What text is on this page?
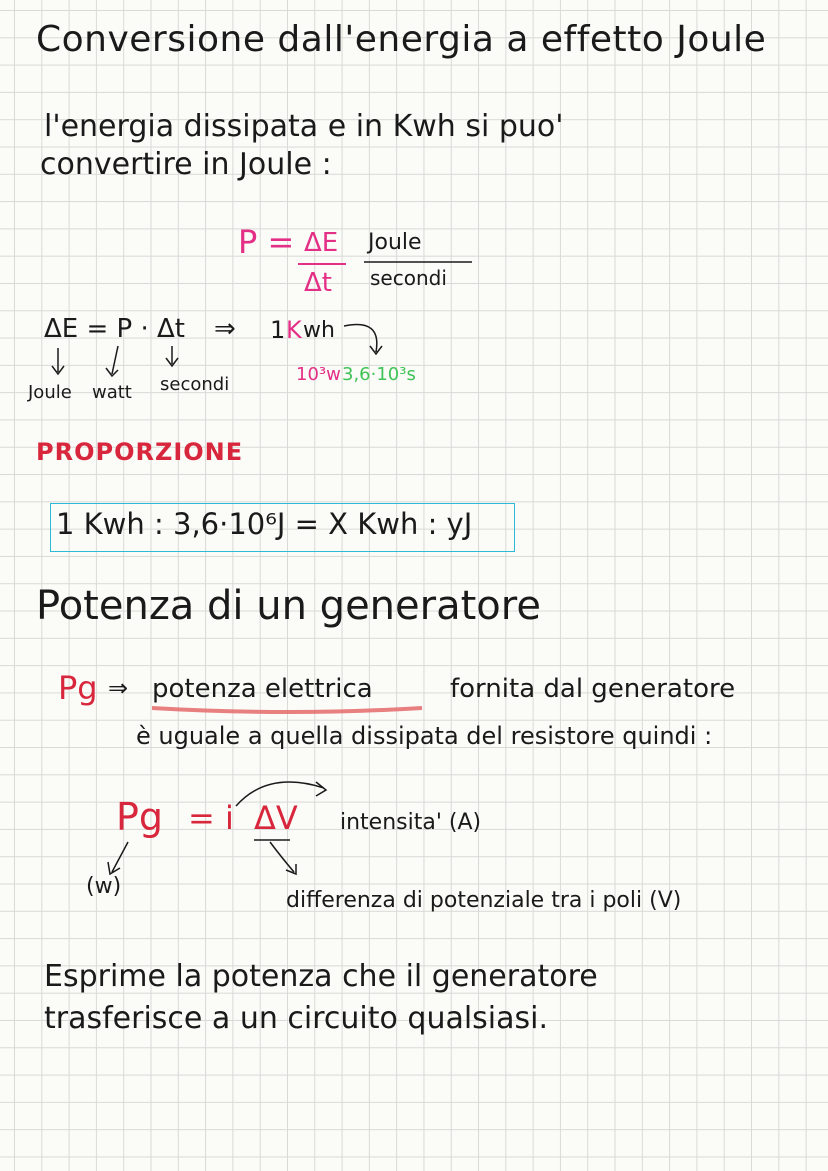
Conversione dall'energia a effetto Joule
l'energia dissipata e in Kwh si puo'
convertire in Joule :
P = ΔE
Δt
Joule
secondi
ΔE = P · Δt ⇒ 1 K wh
Joule watt secondi	10³w 3,6·10³s
PROPORZIONE
1 Kwh : 3,6·10⁶J = X Kwh : yJ
Potenza di un generatore
Pg ⇒ potenza elettrica	fornita dal generatore
è uguale a quella dissipata del resistore quindi :
Pg = i ΔV intensita' (A)
(w)
differenza di potenziale tra i poli (V)
Esprime la potenza che il generatore
trasferisce a un circuito qualsiasi.
